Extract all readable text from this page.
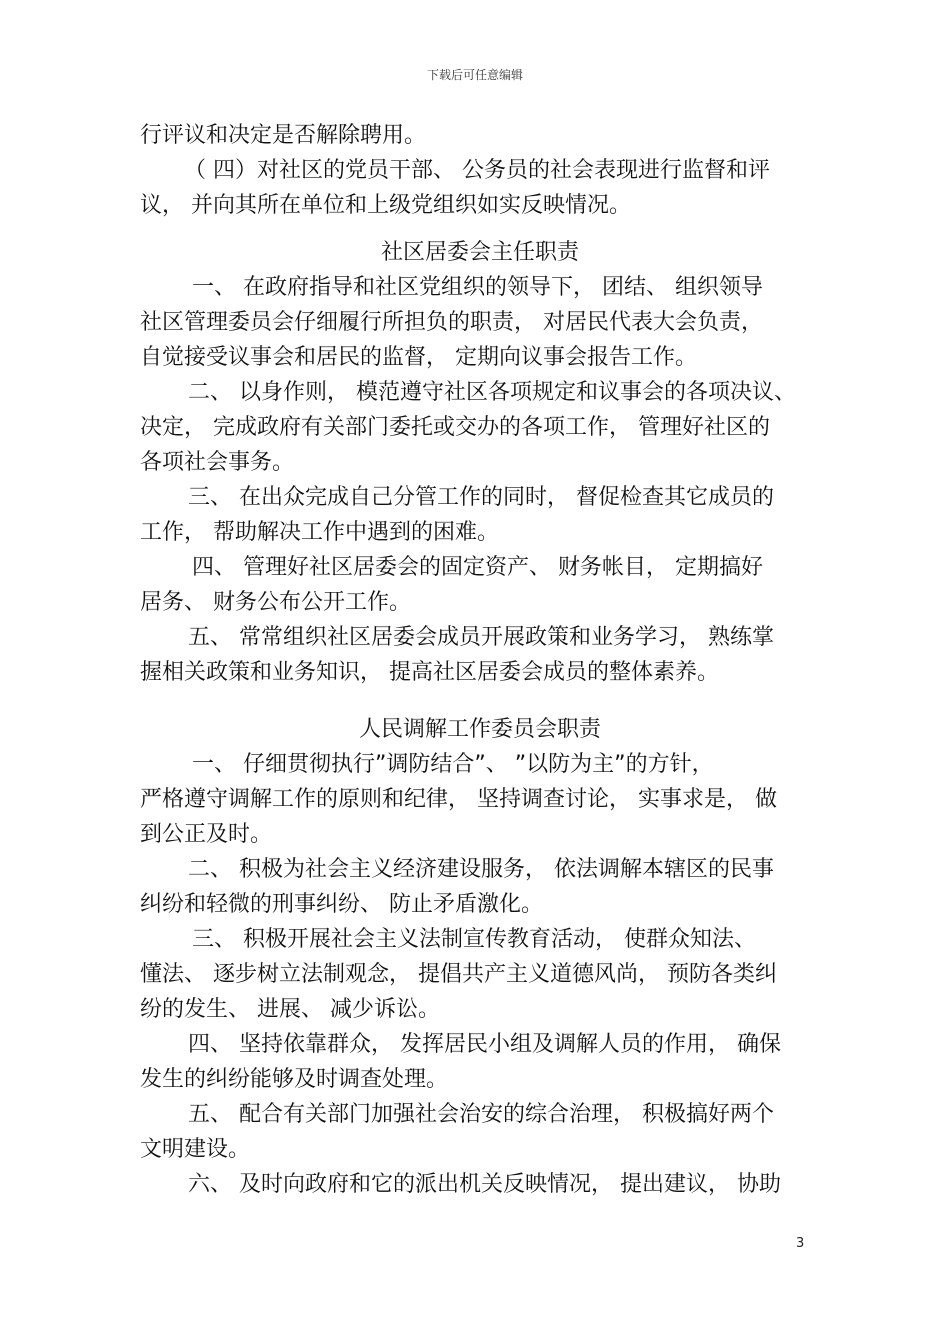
下载后可任意编辑

行评议和决定是否解除聘用。

（ 四）对社区的党员干部、 公务员的社会表现进行监督和评

议， 并向其所在单位和上级党组织如实反映情况。

社区居委会主任职责

一、 在政府指导和社区党组织的领导下， 团结、 组织领导

社区管理委员会仔细履行所担负的职责， 对居民代表大会负责，

自觉接受议事会和居民的监督， 定期向议事会报告工作。

二、 以身作则， 模范遵守社区各项规定和议事会的各项决议、

决定， 完成政府有关部门委托或交办的各项工作， 管理好社区的

各项社会事务。

三、 在出众完成自己分管工作的同时， 督促检查其它成员的

工作， 帮助解决工作中遇到的困难。

四、 管理好社区居委会的固定资产、 财务帐目， 定期搞好

居务、 财务公布公开工作。

五、 常常组织社区居委会成员开展政策和业务学习， 熟练掌

握相关政策和业务知识， 提高社区居委会成员的整体素养。

人民调解工作委员会职责

一、 仔细贯彻执行”调防结合”、 ”以防为主”的方针，

严格遵守调解工作的原则和纪律， 坚持调查讨论， 实事求是， 做

到公正及时。

二、 积极为社会主义经济建设服务， 依法调解本辖区的民事

纠纷和轻微的刑事纠纷、 防止矛盾激化。

三、 积极开展社会主义法制宣传教育活动， 使群众知法、

懂法、 逐步树立法制观念， 提倡共产主义道德风尚， 预防各类纠

纷的发生、 进展、 减少诉讼。

四、 坚持依靠群众， 发挥居民小组及调解人员的作用， 确保

发生的纠纷能够及时调查处理。

五、 配合有关部门加强社会治安的综合治理， 积极搞好两个

文明建设。

六、 及时向政府和它的派出机关反映情况， 提出建议， 协助

3
